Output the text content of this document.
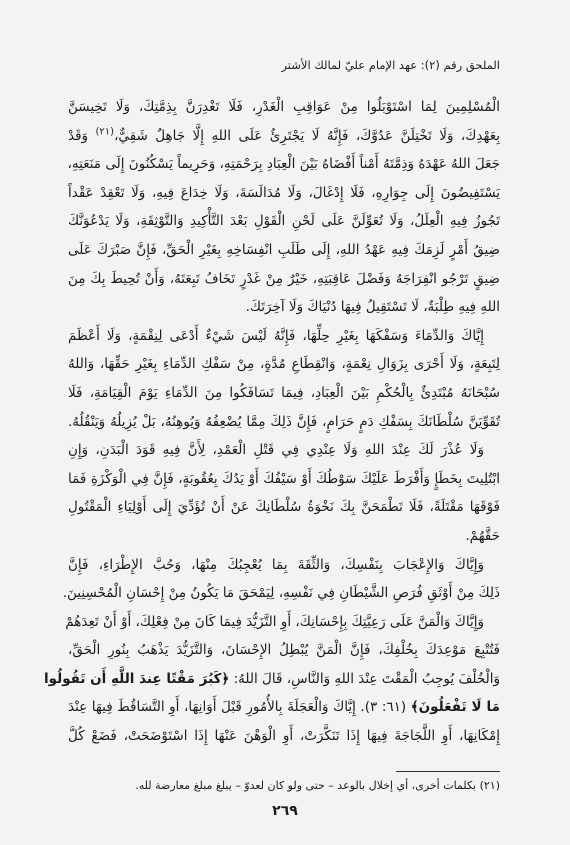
الملحق رقم (٢): عهد الإمام عليّ لمالك الأشتر
الْمُسْلِمِينَ لِمَا اسْتَوْبَلُوا مِنْ عَوَاقِبِ الْغَدْرِ، فَلَا تَغْدِرَنَّ بِذِمَّتِكَ، وَلَا تَخِيسَنَّ
بِعَهْدِكَ، وَلَا تَخْتِلَنَّ عَدُوَّكَ، فَإِنَّهُ لَا يَجْتَرِئُ عَلَى اللهِ إِلَّا جَاهِلٌ شَقِيٌّ،$^{(٢١)}$ وَقَدْ
جَعَلَ اللهُ عَهْدَهُ وَذِمَّتَهُ أَمْناً أَفْضَاهُ بَيْنَ الْعِبَادِ بِرَحْمَتِهِ، وَحَرِيماً يَسْكُنُونَ إِلَى مَنَعَتِهِ،
يَسْتَفِيضُونَ إِلَى جِوَارِهِ، فَلَا إِدْغَالَ، وَلَا مُدَالَسَةَ، وَلَا خِدَاعَ فِيهِ، وَلَا تَعْقِدْ عَقْداً
تَجُوزُ فِيهِ الْعِلَلُ، وَلَا تُعَوِّلَنَّ عَلَى لَحْنِ الْقَوْلِ بَعْدَ التَّأْكِيدِ وَالتَّوْثِقَةِ، وَلَا يَدْعُوَنَّكَ
ضِيقُ أَمْرٍ لَزِمَكَ فِيهِ عَهْدُ اللهِ، إِلَى طَلَبِ انْفِسَاخِهِ بِغَيْرِ الْحَقِّ، فَإِنَّ صَبْرَكَ عَلَى
ضِيقٍ تَرْجُو انْفِرَاجَهُ وَفَضْلَ عَاقِبَتِهِ، خَيْرٌ مِنْ غَدْرٍ تَخَافُ تَبِعَتَهُ، وَأَنْ تُحِيطَ بِكَ مِنَ
اللهِ فِيهِ طِلْبَةٌ، لَا تَسْتَقِيلُ فِيهَا دُنْيَاكَ وَلَا آخِرَتَكَ.
إِيَّاكَ وَالدِّمَاءَ وَسَفْكَهَا بِغَيْرِ حِلِّهَا، فَإِنَّهُ لَيْسَ شَيْءٌ أَدْعَى لِنِقْمَةٍ، وَلَا أَعْظَمَ
لِتَبِعَةٍ، وَلَا أَحْرَى بِزَوَالِ نِعْمَةٍ، وَانْقِطَاعِ مُدَّةٍ، مِنْ سَفْكِ الدِّمَاءِ بِغَيْرِ حَقِّهَا، وَاللهُ
سُبْحَانَهُ مُبْتَدِئٌ بِالْحُكْمِ بَيْنَ الْعِبَادِ، فِيمَا تَسَافَكُوا مِنَ الدِّمَاءِ يَوْمَ الْقِيَامَةِ، فَلَا
تُقَوِّيَنَّ سُلْطَانَكَ بِسَفْكِ دَمٍ حَرَامٍ، فَإِنَّ ذَلِكَ مِمَّا يُضْعِفُهُ وَيُوهِنُهُ، بَلْ يُزِيلُهُ وَيَنْقُلُهُ.
وَلَا عُذْرَ لَكَ عِنْدَ اللهِ وَلَا عِنْدِي فِي قَتْلِ الْعَمْدِ، لِأَنَّ فِيهِ قَوَدَ الْبَدَنِ، وَإِنِ
ابْتُلِيتَ بِخَطَإٍ وَأَفْرَطَ عَلَيْكَ سَوْطُكَ أَوْ سَيْفُكَ أَوْ يَدُكَ بِعُقُوبَةٍ، فَإِنَّ فِي الْوَكْزَةِ فَمَا
فَوْقَهَا مَقْتَلَةً، فَلَا تَطْمَحَنَّ بِكَ نَخْوَةُ سُلْطَانِكَ عَنْ أَنْ تُؤَدِّيَ إِلَى أَوْلِيَاءِ الْمَقْتُولِ
حَقَّهُمْ.
وَإِيَّاكَ وَالإِعْجَابَ بِنَفْسِكَ، وَالثِّقَةَ بِمَا يُعْجِبُكَ مِنْهَا، وَحُبَّ الإِطْرَاءِ، فَإِنَّ
ذَلِكَ مِنْ أَوْثَقِ فُرَصِ الشَّيْطَانِ فِي نَفْسِهِ، لِيَمْحَقَ مَا يَكُونُ مِنْ إِحْسَانِ الْمُحْسِنِينَ.
وَإِيَّاكَ وَالْمَنَّ عَلَى رَعِيَّتِكَ بِإِحْسَانِكَ، أَوِ التَّزَيُّدَ فِيمَا كَانَ مِنْ فِعْلِكَ، أَوْ أَنْ تَعِدَهُمْ
فَتُتْبِعَ مَوْعِدَكَ بِخُلْفِكَ، فَإِنَّ الْمَنَّ يُبْطِلُ الإِحْسَانَ، وَالتَّزَيُّدَ يَذْهَبُ بِنُورِ الْحَقِّ،
وَالْخُلْفَ يُوجِبُ الْمَقْتَ عِنْدَ اللهِ وَالنَّاسِ، قَالَ اللهُ: ﴿كَبُرَ مَقْتًا عِندَ اللَّهِ أَن تَقُولُوا
مَا لَا تَفْعَلُونَ﴾ (٦١: ٣). إِيَّاكَ وَالْعَجَلَةَ بِالأُمُورِ قَبْلَ أَوَانِهَا، أَوِ التَّسَاقُطَ فِيهَا عِنْدَ
إِمْكَانِهَا، أَوِ اللَّجَاجَةَ فِيهَا إِذَا تَنَكَّرَتْ، أَوِ الْوَهْنَ عَنْهَا إِذَا اسْتَوْضَحَتْ، فَضَعْ كُلَّ
(٢١) بكلمات أخرى، أي إخلال بالوعد – حتى ولو كان لعدوّ – يبلغ مبلغ معارضة لله.
٢٦٩
